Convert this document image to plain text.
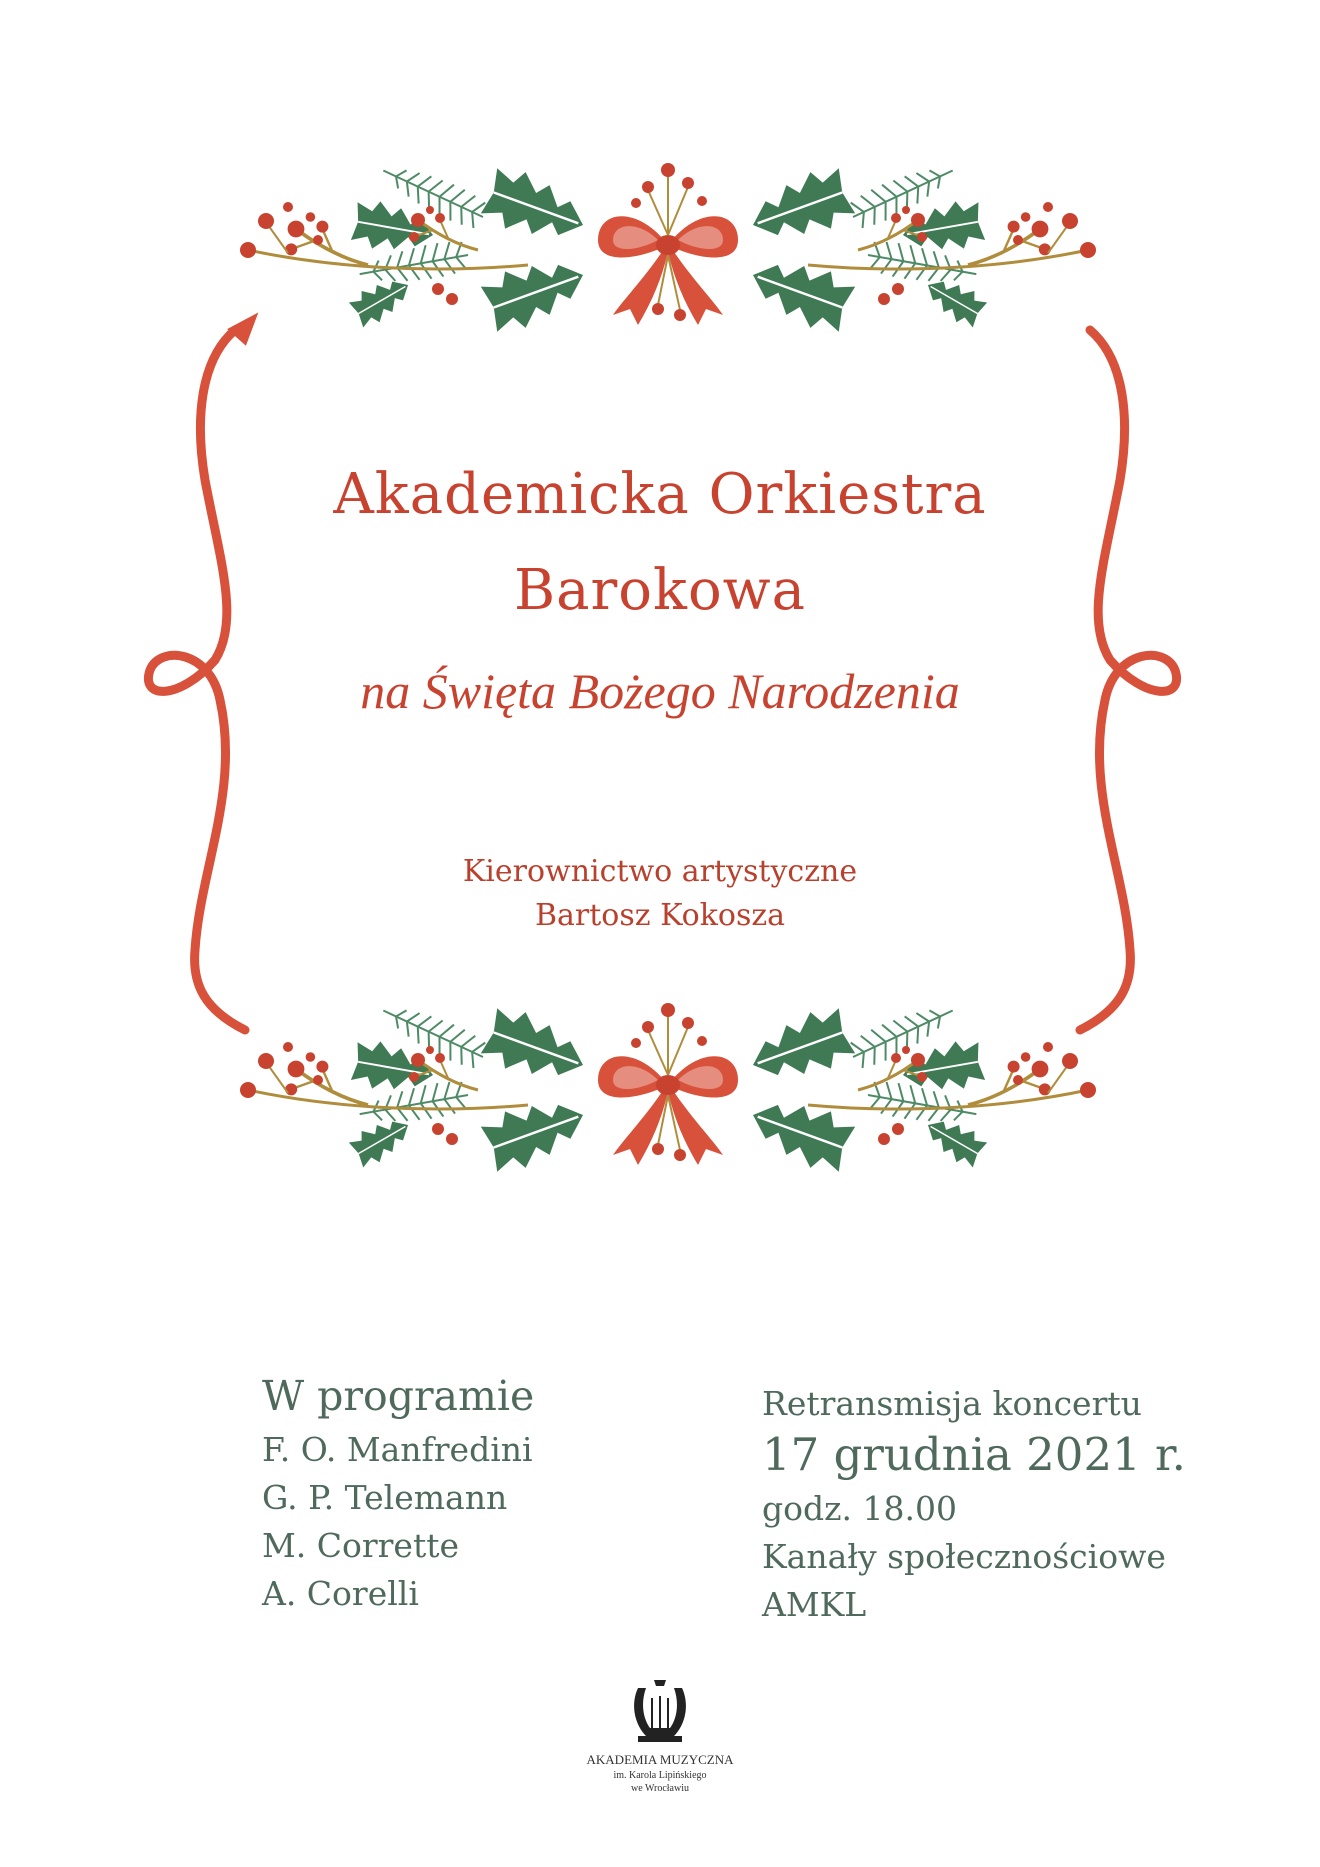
Akademicka Orkiestra
Barokowa
na Święta Bożego Narodzenia
Kierownictwo artystyczne
Bartosz Kokosza
W programie
F. O. Manfredini
G. P. Telemann
M. Corrette
A. Corelli
Retransmisja koncertu
17 grudnia 2021 r.
godz. 18.00
Kanały społecznościowe
AMKL
AKADEMIA MUZYCZNA
im. Karola Lipińskiego
we Wrocławiu
